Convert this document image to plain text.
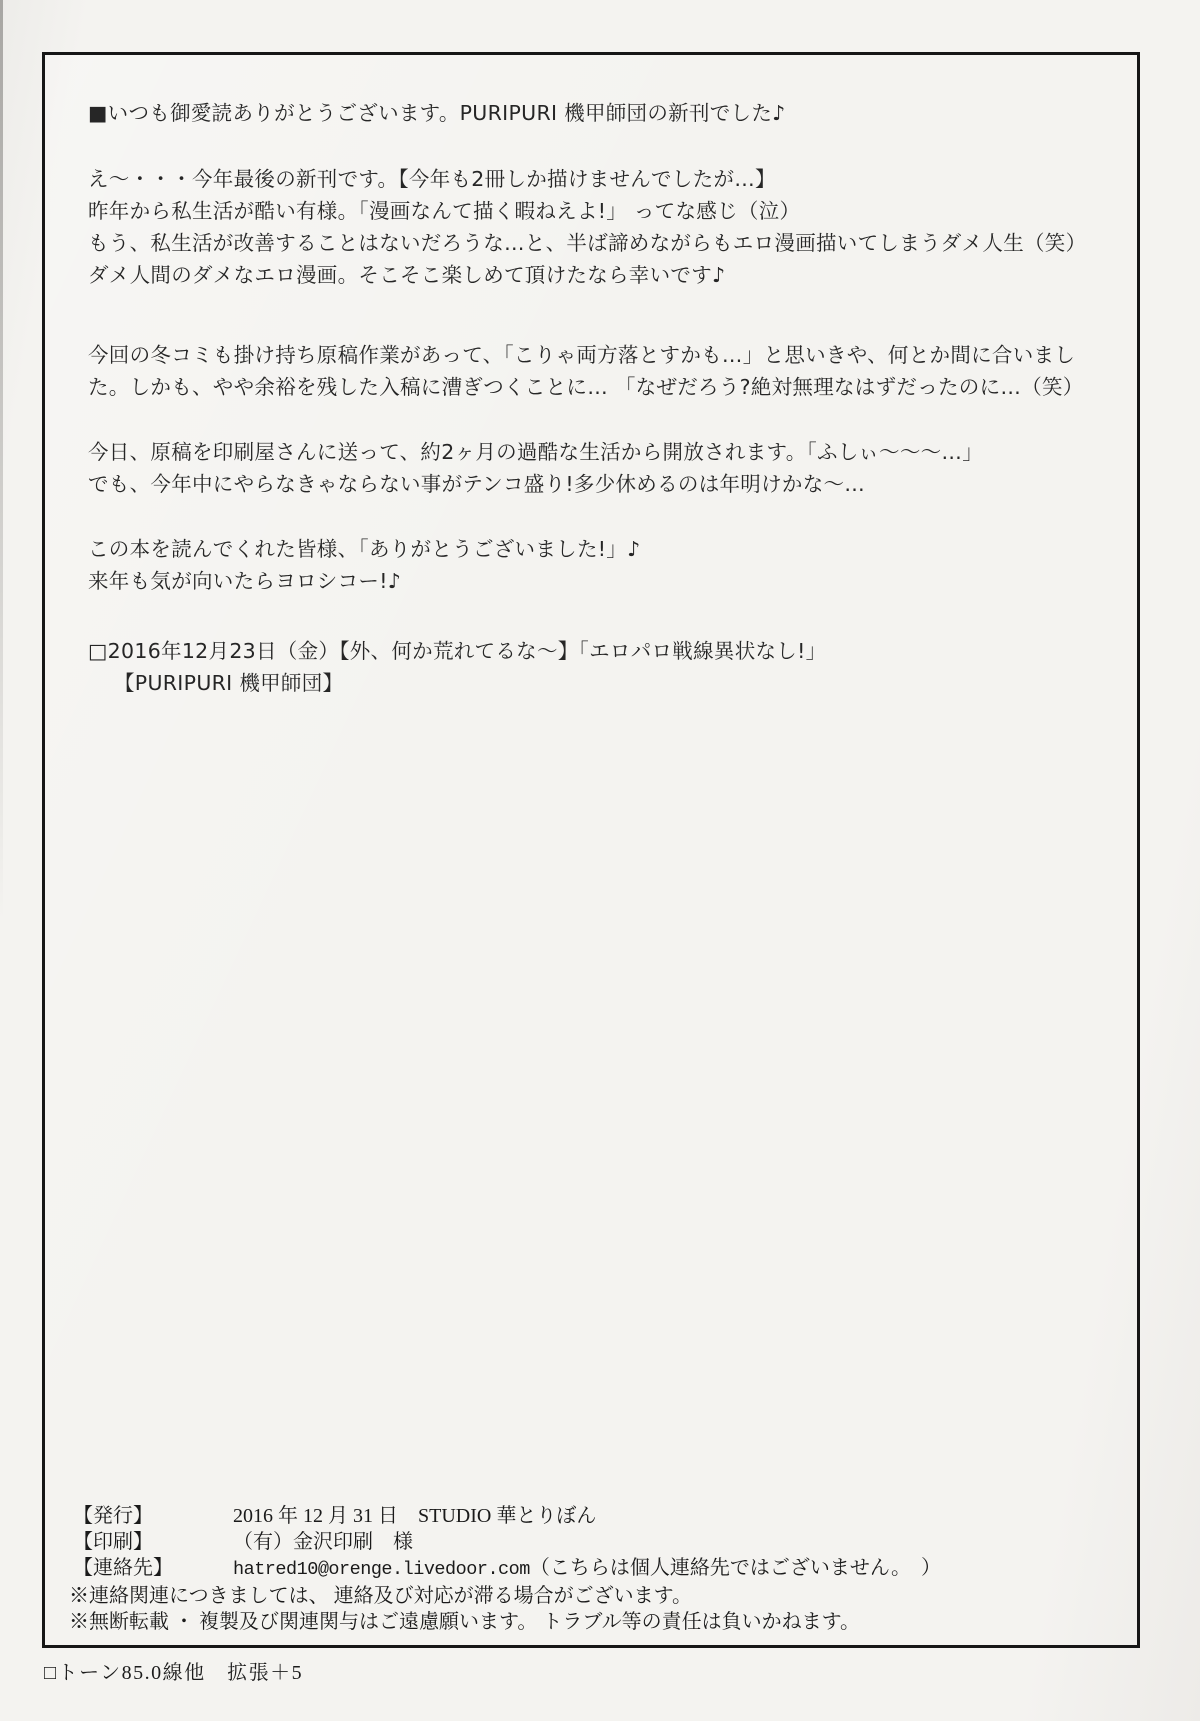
■いつも御愛読ありがとうございます。PURIPURI 機甲師団の新刊でした♪
え～・・・今年最後の新刊です。【今年も2冊しか描けませんでしたが…】
昨年から私生活が酷い有様。「漫画なんて描く暇ねえよ!」 ってな感じ（泣）
もう、私生活が改善することはないだろうな…と、半ば諦めながらもエロ漫画描いてしまうダメ人生（笑）
ダメ人間のダメなエロ漫画。そこそこ楽しめて頂けたなら幸いです♪
今回の冬コミも掛け持ち原稿作業があって、「こりゃ両方落とすかも…」と思いきや、何とか間に合いまし
た。しかも、やや余裕を残した入稿に漕ぎつくことに… 「なぜだろう?絶対無理なはずだったのに…（笑）
今日、原稿を印刷屋さんに送って、約2ヶ月の過酷な生活から開放されます。「ふしぃ～～～…」
でも、今年中にやらなきゃならない事がテンコ盛り!多少休めるのは年明けかな～…
この本を読んでくれた皆様、「ありがとうございました!」♪
来年も気が向いたらヨロシコー!♪
□2016年12月23日（金）【外、何か荒れてるな～】「エロパロ戦線異状なし!」
【PURIPURI 機甲師団】
【発行】	2016 年 12 月 31 日　STUDIO 華とりぼん
【印刷】	（有）金沢印刷　様
【連絡先】	hatred10@orenge.livedoor.com（こちらは個人連絡先ではございません。　）
※連絡関連につきましては、 連絡及び対応が滞る場合がございます。
※無断転載 ・ 複製及び関連関与はご遠慮願います。 トラブル等の責任は負いかねます。
□トーン85.0線他　拡張＋5
